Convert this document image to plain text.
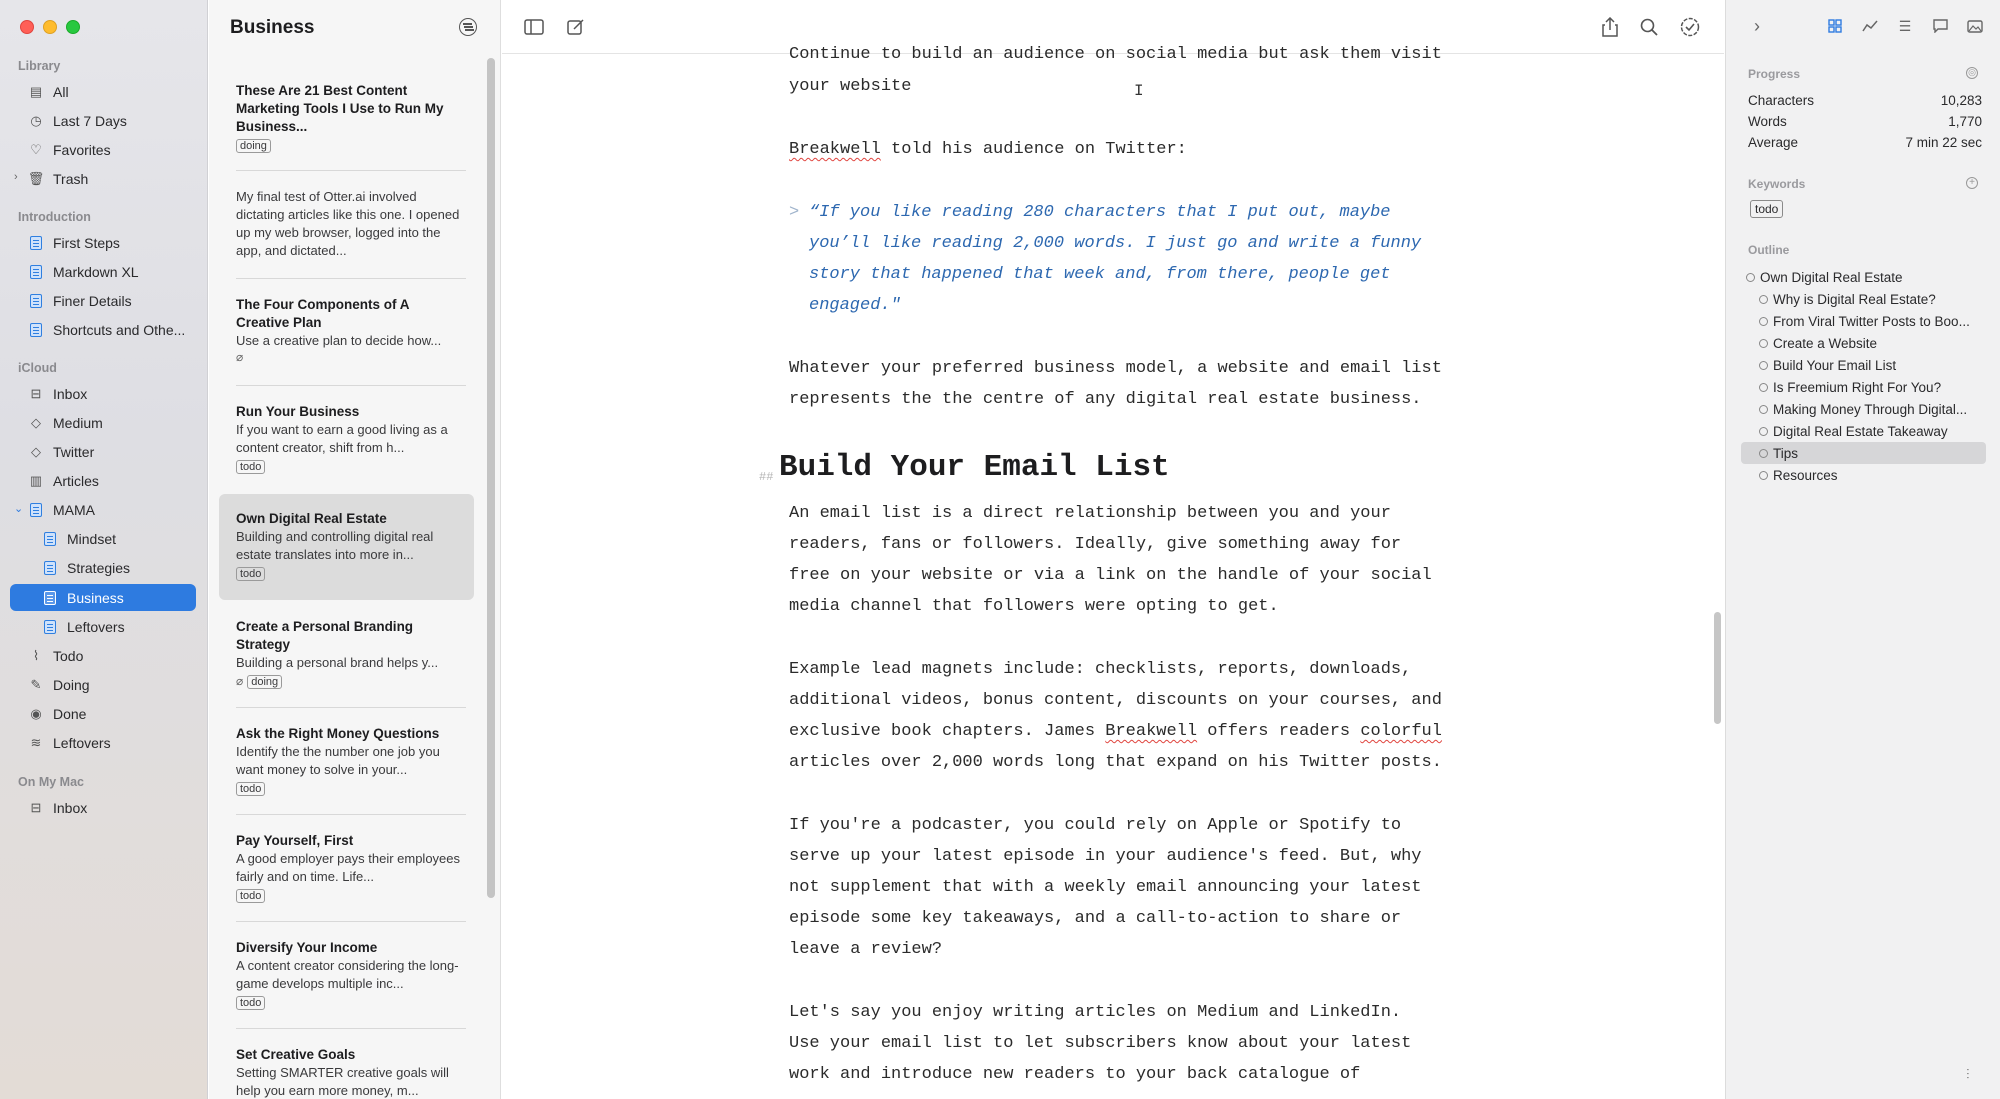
Library
▤ All
◷ Last 7 Days
♡ Favorites
› 🗑 Trash
Introduction
First Steps
Markdown XL
Finer Details
Shortcuts and Othe...
iCloud
⊟ Inbox
◇ Medium
◇ Twitter
▥ Articles
⌄ MAMA
Mindset
Strategies
Business
Leftovers
⌇ Todo
✎ Doing
◉ Done
≋ Leftovers
On My Mac
⊟ Inbox
Business
These Are 21 Best Content Marketing Tools I Use to Run My Business...
doing
My final test of Otter.ai involved dictating articles like this one. I opened up my web browser, logged into the app, and dictated...
The Four Components of A Creative Plan
Use a creative plan to decide how...
⌀
Run Your Business
If you want to earn a good living as a content creator, shift from h...
todo
Own Digital Real Estate
Building and controlling digital real estate translates into more in...
todo
Create a Personal Branding Strategy
Building a personal brand helps y...
⌀ doing
Ask the Right Money Questions
Identify the the number one job you want money to solve in your...
todo
Pay Yourself, First
A good employer pays their employees fairly and on time. Life...
todo
Diversify Your Income
A content creator considering the long-game develops multiple inc...
todo
Set Creative Goals
Setting SMARTER creative goals will help you earn more money, m...
I
Continue to build an audience on social media but ask them visit
your website
Breakwell told his audience on Twitter:
> “If you like reading 280 characters that I put out, maybe
you’ll like reading 2,000 words. I just go and write a funny
story that happened that week and, from there, people get
engaged."
Whatever your preferred business model, a website and email list
represents the the centre of any digital real estate business.
## Build Your Email List
An email list is a direct relationship between you and your
readers, fans or followers. Ideally, give something away for
free on your website or via a link on the handle of your social
media channel that followers were opting to get.
Example lead magnets include: checklists, reports, downloads,
additional videos, bonus content, discounts on your courses, and
exclusive book chapters. James Breakwell offers readers colorful
articles over 2,000 words long that expand on his Twitter posts.
If you're a podcaster, you could rely on Apple or Spotify to
serve up your latest episode in your audience's feed. But, why
not supplement that with a weekly email announcing your latest
episode some key takeaways, and a call-to-action to share or
leave a review?
Let's say you enjoy writing articles on Medium and LinkedIn.
Use your email list to let subscribers know about your latest
work and introduce new readers to your back catalogue of
›	☰
Progress	◎
Characters	10,283
Words	1,770
Average	7 min 22 sec
Keywords	+
todo
Outline
Own Digital Real Estate
Why is Digital Real Estate?
From Viral Twitter Posts to Boo...
Create a Website
Build Your Email List
Is Freemium Right For You?
Making Money Through Digital...
Digital Real Estate Takeaway
Tips
Resources
⫶
